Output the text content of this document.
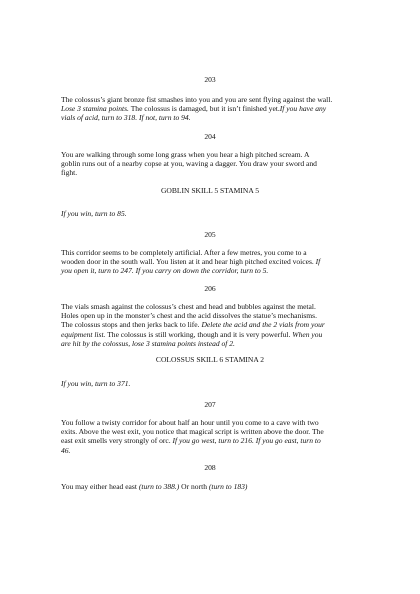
203
The colossus’s giant bronze fist smashes into you and you are sent flying against the wall.
Lose 3 stamina points. The colossus is damaged, but it isn’t finished yet.If you have any
vials of acid, turn to 318. If not, turn to 94.
204
You are walking through some long grass when you hear a high pitched scream. A
goblin runs out of a nearby copse at you, waving a dagger. You draw your sword and
fight.
GOBLIN SKILL 5 STAMINA 5
If you win, turn to 85.
205
This corridor seems to be completely artificial. After a few metres, you come to a
wooden door in the south wall. You listen at it and hear high pitched excited voices. If
you open it, turn to 247. If you carry on down the corridor, turn to 5.
206
The vials smash against the colossus’s chest and head and bubbles against the metal.
Holes open up in the monster’s chest and the acid dissolves the statue’s mechanisms.
The colossus stops and then jerks back to life. Delete the acid and the 2 vials from your
equipment list. The colossus is still working, though and it is very powerful. When you
are hit by the colossus, lose 3 stamina points instead of 2.
COLOSSUS SKILL 6 STAMINA 2
If you win, turn to 371.
207
You follow a twisty corridor for about half an hour until you come to a cave with two
exits. Above the west exit, you notice that magical script is written above the door. The
east exit smells very strongly of orc. If you go west, turn to 216. If you go east, turn to
46.
208
You may either head east (turn to 388.) Or north (turn to 183)
